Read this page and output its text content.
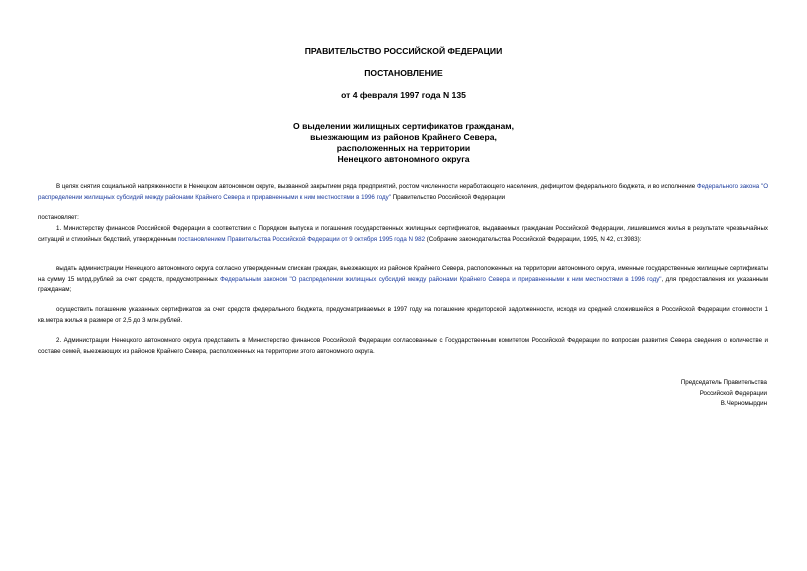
ПРАВИТЕЛЬСТВО РОССИЙСКОЙ ФЕДЕРАЦИИ
ПОСТАНОВЛЕНИЕ
от 4 февраля 1997 года N 135
О выделении жилищных сертификатов гражданам,
выезжающим из районов Крайнего Севера,
расположенных на территории
Ненецкого автономного округа

В целях снятия социальной напряженности в Ненецком автономном округе, вызванной закрытием ряда предприятий, ростом численности неработающего населения, дефицитом федерального бюджета, и во исполнение Федерального закона "О распределении жилищных субсидий между районами Крайнего Севера и приравненными к ним местностями в 1996 году" Правительство Российской Федерации

постановляет:

1. Министерству финансов Российской Федерации в соответствии с Порядком выпуска и погашения государственных жилищных сертификатов, выдаваемых гражданам Российской Федерации, лишившимся жилья в результате чрезвычайных ситуаций и стихийных бедствий, утвержденным постановлением Правительства Российской Федерации от 9 октября 1995 года N 982 (Собрание законодательства Российской Федерации, 1995, N 42, ст.3983):

выдать администрации Ненецкого автономного округа согласно утвержденным спискам граждан, выезжающих из районов Крайнего Севера, расположенных на территории автономного округа, именные государственные жилищные сертификаты на сумму 15 млрд.рублей за счет средств, предусмотренных Федеральным законом "О распределении жилищных субсидий между районами Крайнего Севера и приравненными к ним местностями в 1996 году", для предоставления их указанным гражданам;

осуществить погашение указанных сертификатов за счет средств федерального бюджета, предусматриваемых в 1997 году на погашение кредиторской задолженности, исходя из средней сложившейся в Российской Федерации стоимости 1 кв.метра жилья в размере от 2,5 до 3 млн.рублей.

2. Администрации Ненецкого автономного округа представить в Министерство финансов Российской Федерации согласованные с Государственным комитетом Российской Федерации по вопросам развития Севера сведения о количестве и составе семей, выезжающих из районов Крайнего Севера, расположенных на территории этого автономного округа.

Председатель Правительства
Российской Федерации
В.Черномырдин
